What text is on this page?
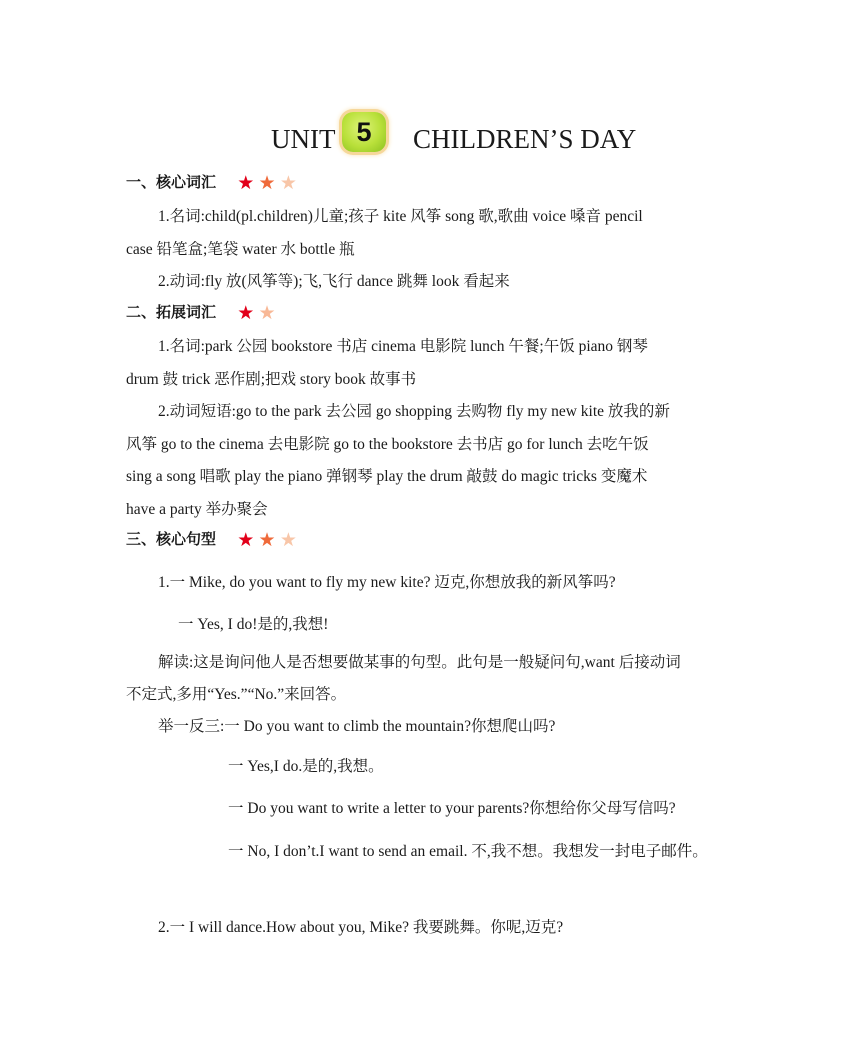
UNIT 5 CHILDREN’S DAY
一、核心词汇 ★ ★ ★
1.名词:child(pl.children)儿童;孩子 kite 风筝 song 歌,歌曲 voice 嗓音 pencil
case 铅笔盒;笔袋 water 水 bottle 瓶
2.动词:fly 放(风筝等);飞,飞行 dance 跳舞 look 看起来
二、拓展词汇 ★ ★
1.名词:park 公园 bookstore 书店 cinema 电影院 lunch 午餐;午饭 piano 钢琴
drum 鼓 trick 恶作剧;把戏 story book 故事书
2.动词短语:go to the park 去公园 go shopping 去购物 fly my new kite 放我的新
风筝 go to the cinema 去电影院 go to the bookstore 去书店 go for lunch 去吃午饭
sing a song 唱歌 play the piano 弹钢琴 play the drum 敲鼓 do magic tricks 变魔术
have a party 举办聚会
三、核心句型 ★ ★ ★
1.一 Mike, do you want to fly my new kite? 迈克,你想放我的新风筝吗?
一 Yes, I do!是的,我想!
解读:这是询问他人是否想要做某事的句型。此句是一般疑问句,want 后接动词
不定式,多用“Yes.”“No.”来回答。
举一反三:一 Do you want to climb the mountain?你想爬山吗?
一 Yes,I do.是的,我想。
一 Do you want to write a letter to your parents?你想给你父母写信吗?
一 No, I don’t.I want to send an email. 不,我不想。我想发一封电子邮件。
2.一 I will dance.How about you, Mike? 我要跳舞。你呢,迈克?
